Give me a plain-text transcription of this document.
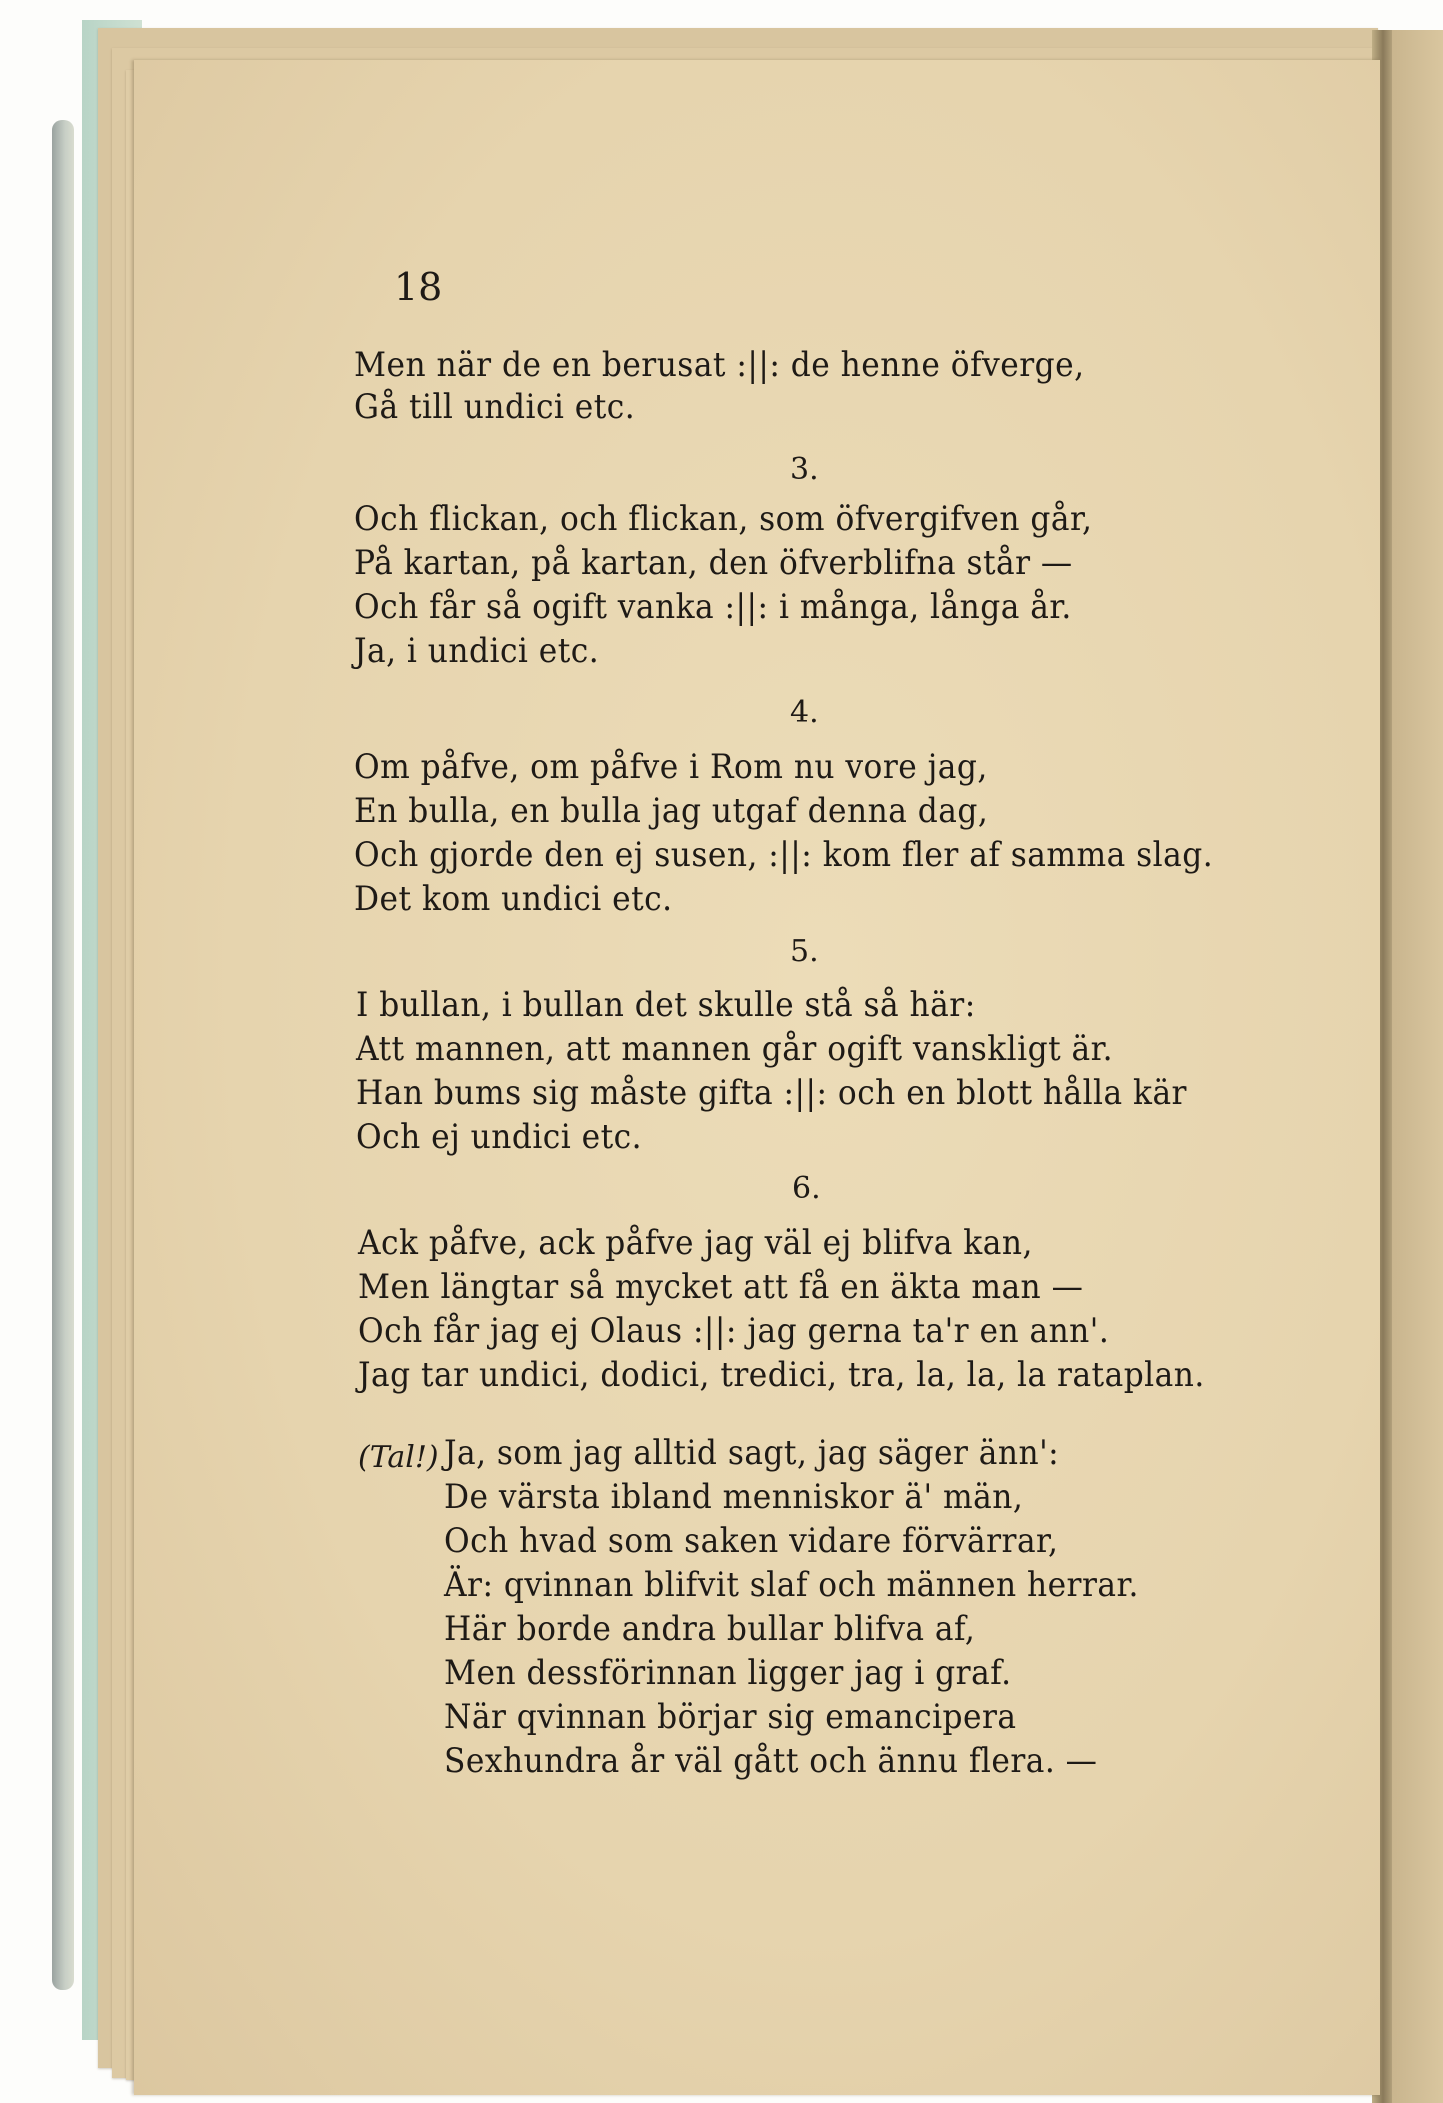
18
Men när de en berusat :||: de henne öfverge,
Gå till undici etc.
3.
Och flickan, och flickan, som öfvergifven går,
På kartan, på kartan, den öfverblifna står —
Och får så ogift vanka :||: i många, långa år.
Ja, i undici etc.
4.
Om påfve, om påfve i Rom nu vore jag,
En bulla, en bulla jag utgaf denna dag,
Och gjorde den ej susen, :||: kom fler af samma slag.
Det kom undici etc.
5.
I bullan, i bullan det skulle stå så här:
Att mannen, att mannen går ogift vanskligt är.
Han bums sig måste gifta :||: och en blott hålla kär
Och ej undici etc.
6.
Ack påfve, ack påfve jag väl ej blifva kan,
Men längtar så mycket att få en äkta man —
Och får jag ej Olaus :||: jag gerna ta'r en ann'.
Jag tar undici, dodici, tredici, tra, la, la, la rataplan.
(Tal!) Ja, som jag alltid sagt, jag säger änn':
De värsta ibland menniskor ä' män,
Och hvad som saken vidare förvärrar,
Är: qvinnan blifvit slaf och männen herrar.
Här borde andra bullar blifva af,
Men dessförinnan ligger jag i graf.
När qvinnan börjar sig emancipera
Sexhundra år väl gått och ännu flera. —
